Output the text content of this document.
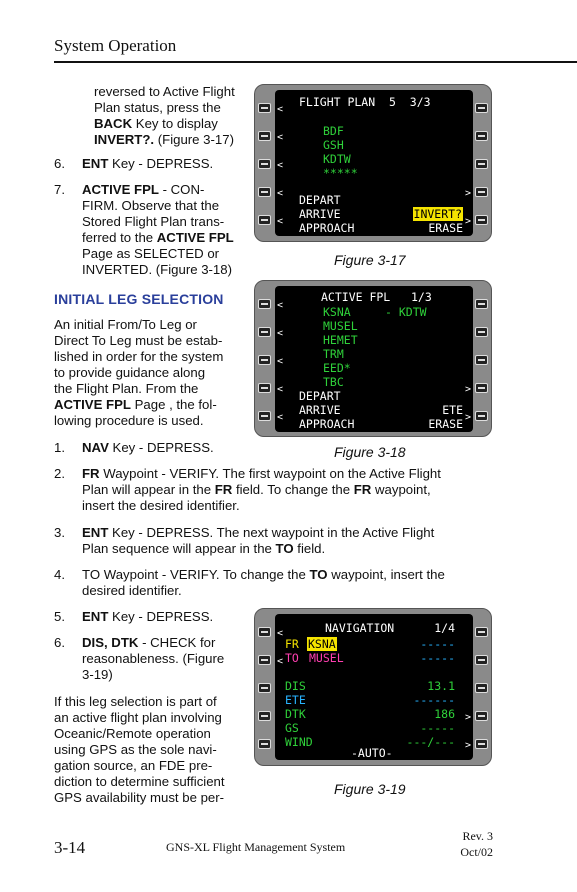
System Operation
reversed to Active Flight
Plan status, press the
BACK Key to display
INVERT?. (Figure 3-17)
6. ENT Key - DEPRESS.
7. ACTIVE FPL - CON-
FIRM. Observe that the
Stored Flight Plan trans-
ferred to the ACTIVE FPL
Page as SELECTED or
INVERTED. (Figure 3-18)
INITIAL LEG SELECTION
An initial From/To Leg or
Direct To Leg must be estab-
lished in order for the system
to provide guidance along
the Flight Plan. From the
ACTIVE FPL Page , the fol-
lowing procedure is used.
1. NAV Key - DEPRESS.
2. FR Waypoint - VERIFY. The first waypoint on the Active Flight
Plan will appear in the FR field. To change the FR waypoint,
insert the desired identifier.
3. ENT Key - DEPRESS. The next waypoint in the Active Flight
Plan sequence will appear in the TO field.
4. TO Waypoint - VERIFY. To change the TO waypoint, insert the
desired identifier.
5. ENT Key - DEPRESS.
6. DIS, DTK - CHECK for
reasonableness. (Figure
3-19)
If this leg selection is part of
an active flight plan involving
Oceanic/Remote operation
using GPS as the sole navi-
gation source, an FDE pre-
diction to determine sufficient
GPS availability must be per-
<
<
<
<
<
>
>
FLIGHT PLAN  5  3/3
BDF
GSH
KDTW
*****
DEPART
ARRIVE
APPROACH
INVERT?
ERASE
Figure 3-17
<
<
<
<
<
>
>
ACTIVE FPL   1/3
KSNA	- KDTW
MUSEL
HEMET
TRM
EED*
TBC
DEPART
ARRIVE
APPROACH
ETE
ERASE
Figure 3-18
<
<
>
>
NAVIGATION	1/4
FR KSNA	-----
TO MUSEL	-----
DIS	13.1
ETE	------
DTK	186
GS	-----
WIND	---/---
-AUTO-
Figure 3-19
3-14	GNS-XL Flight Management System
Rev. 3
Oct/02
